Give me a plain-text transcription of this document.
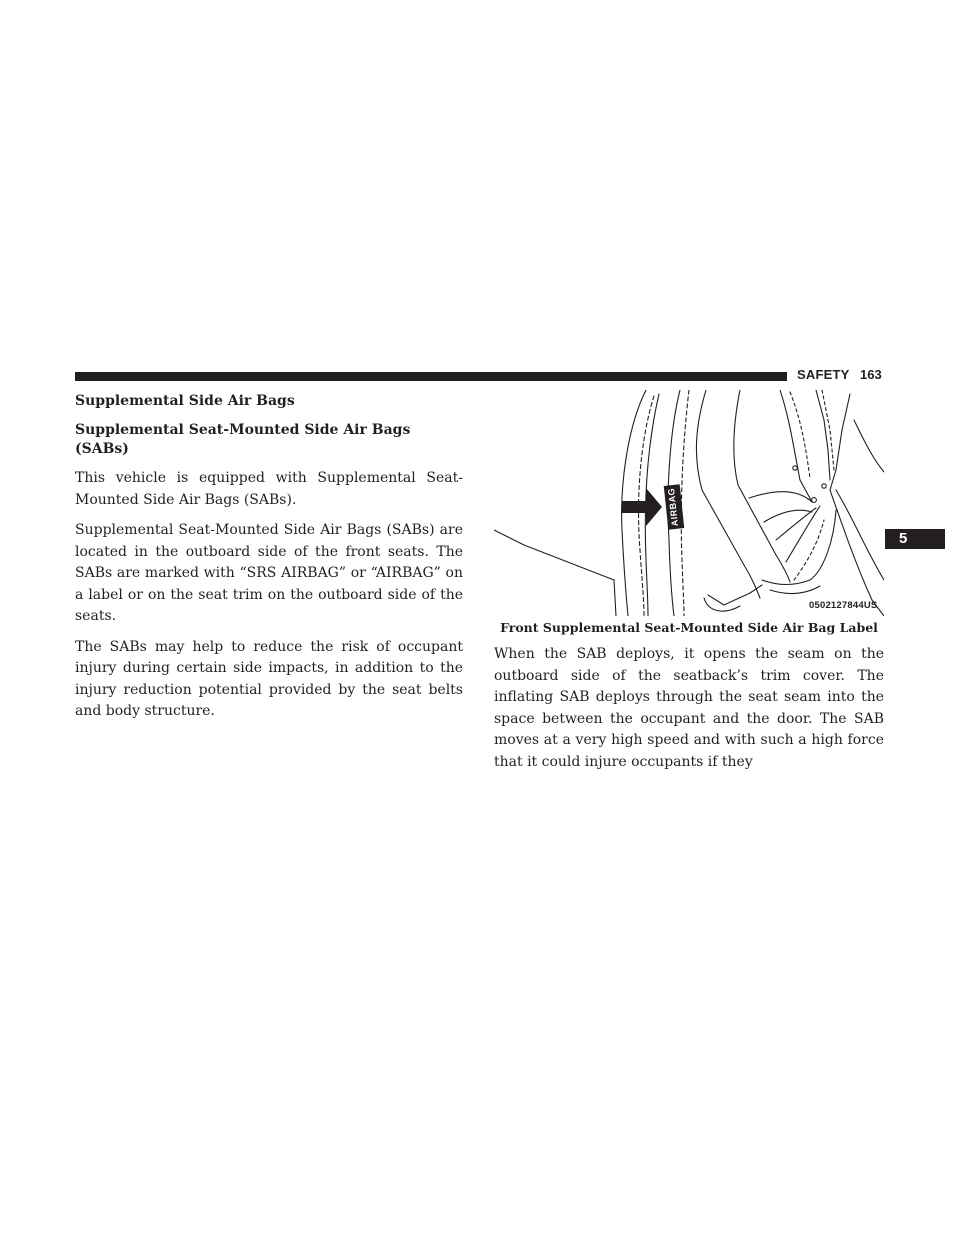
SAFETY 163
5
Supplemental Side Air Bags
Supplemental Seat-Mounted Side Air Bags (SABs)

This vehicle is equipped with Supplemental Seat-Mounted Side Air Bags (SABs).

Supplemental Seat-Mounted Side Air Bags (SABs) are located in the outboard side of the front seats. The SABs are marked with “SRS AIRBAG” or “AIRBAG” on a label or on the seat trim on the outboard side of the seats.

The SABs may help to reduce the risk of occupant injury during certain side impacts, in addition to the injury reduction potential provided by the seat belts and body structure.

AIRBAG
0502127844US
Front Supplemental Seat-Mounted Side Air Bag Label

When the SAB deploys, it opens the seam on the outboard side of the seatback’s trim cover. The inflating SAB deploys through the seat seam into the space between the occupant and the door. The SAB moves at a very high speed and with such a high force that it could injure occupants if they
